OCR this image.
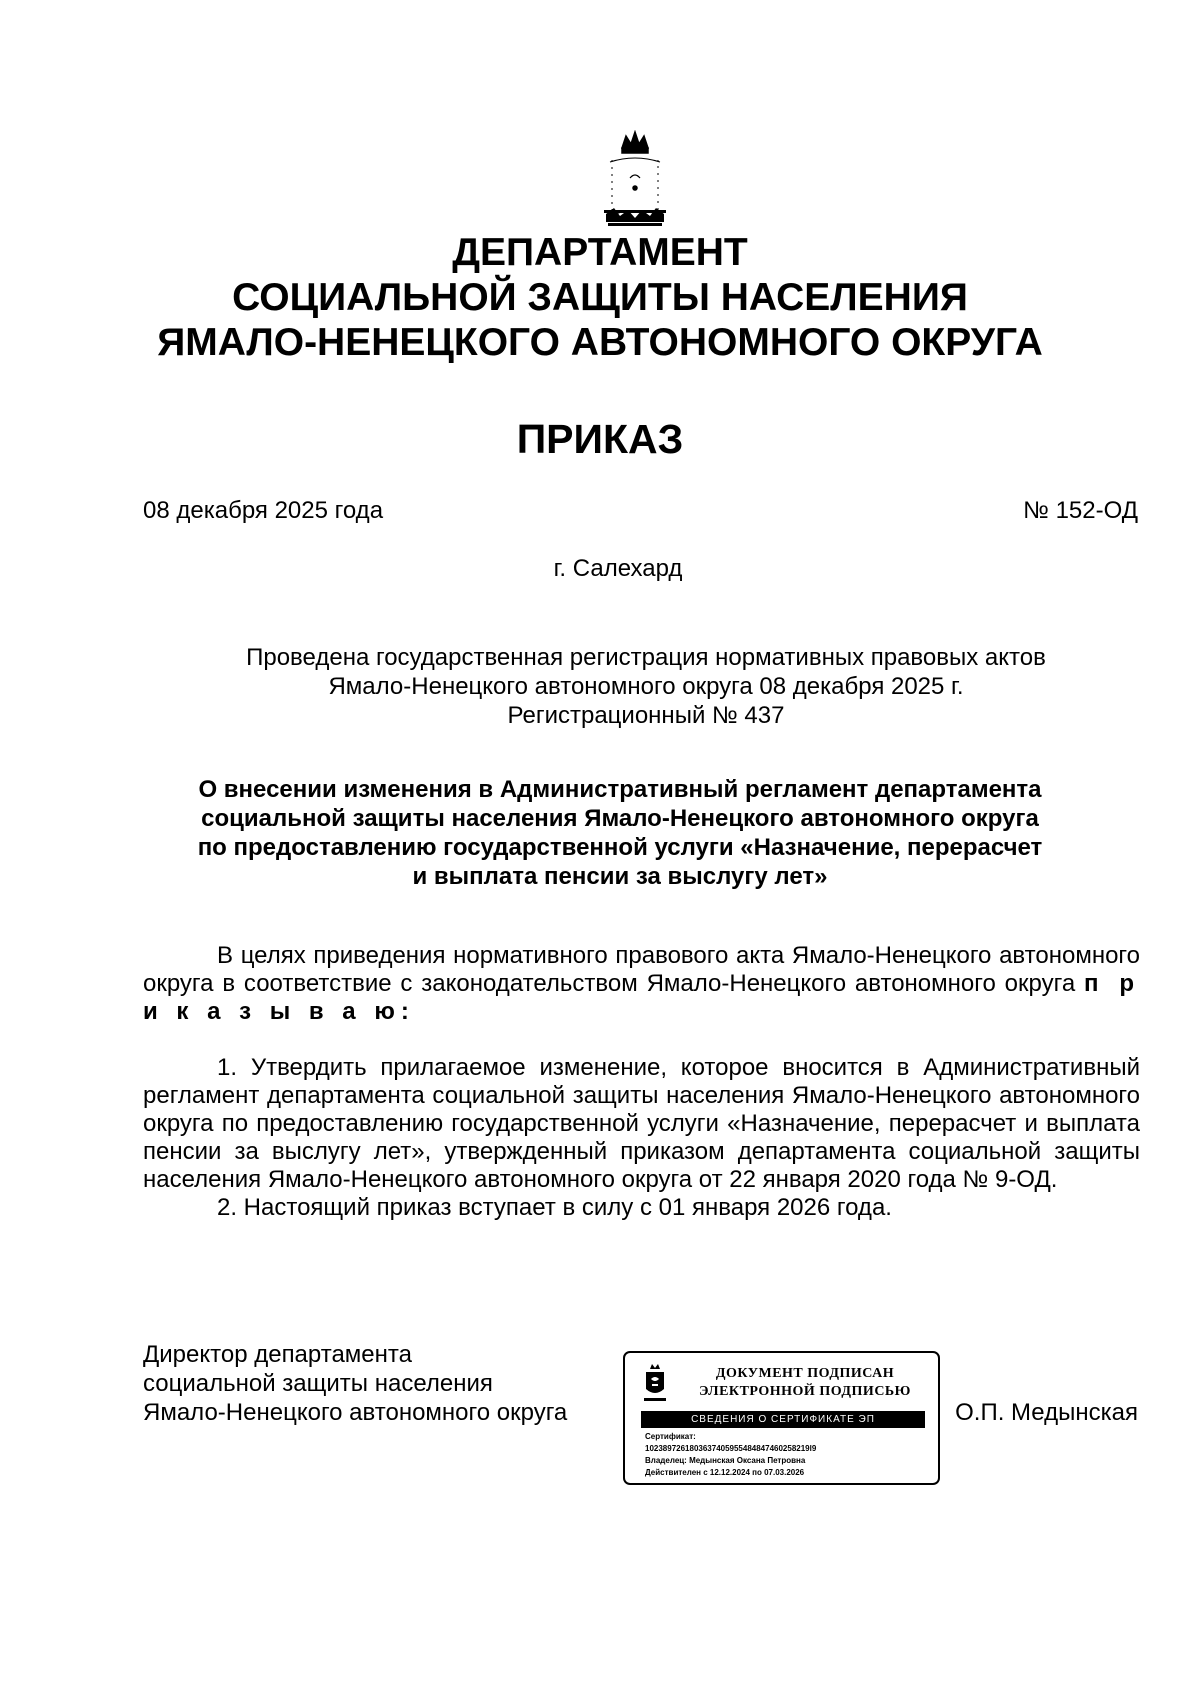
ДЕПАРТАМЕНТ
СОЦИАЛЬНОЙ ЗАЩИТЫ НАСЕЛЕНИЯ
ЯМАЛО-НЕНЕЦКОГО АВТОНОМНОГО ОКРУГА
ПРИКАЗ
08 декабря 2025 года	№ 152-ОД
г. Салехард
Проведена государственная регистрация нормативных правовых актов
Ямало-Ненецкого автономного округа 08 декабря 2025 г.
Регистрационный № 437
О внесении изменения в Административный регламент департамента
социальной защиты населения Ямало-Ненецкого автономного округа
по предоставлению государственной услуги «Назначение, перерасчет
и выплата пенсии за выслугу лет»
В целях приведения нормативного правового акта Ямало-Ненецкого автономного округа в соответствие с законодательством Ямало-Ненецкого автономного округа п р и к а з ы в а ю:
1. Утвердить прилагаемое изменение, которое вносится в Административный регламент департамента социальной защиты населения Ямало-Ненецкого автономного округа по предоставлению государственной услуги «Назначение, перерасчет и выплата пенсии за выслугу лет», утвержденный приказом департамента социальной защиты населения Ямало-Ненецкого автономного округа от 22 января 2020 года № 9-ОД.
2. Настоящий приказ вступает в силу с 01 января 2026 года.
Директор департамента
социальной защиты населения
Ямало-Ненецкого автономного округа
ДОКУМЕНТ ПОДПИСАН
ЭЛЕКТРОННОЙ ПОДПИСЬЮ
СВЕДЕНИЯ О СЕРТИФИКАТЕ ЭП
Сертификат:
1023897261803637405955484847460258219l9
Владелец: Медынская Оксана Петровна
Действителен с 12.12.2024 по 07.03.2026
О.П. Медынская
